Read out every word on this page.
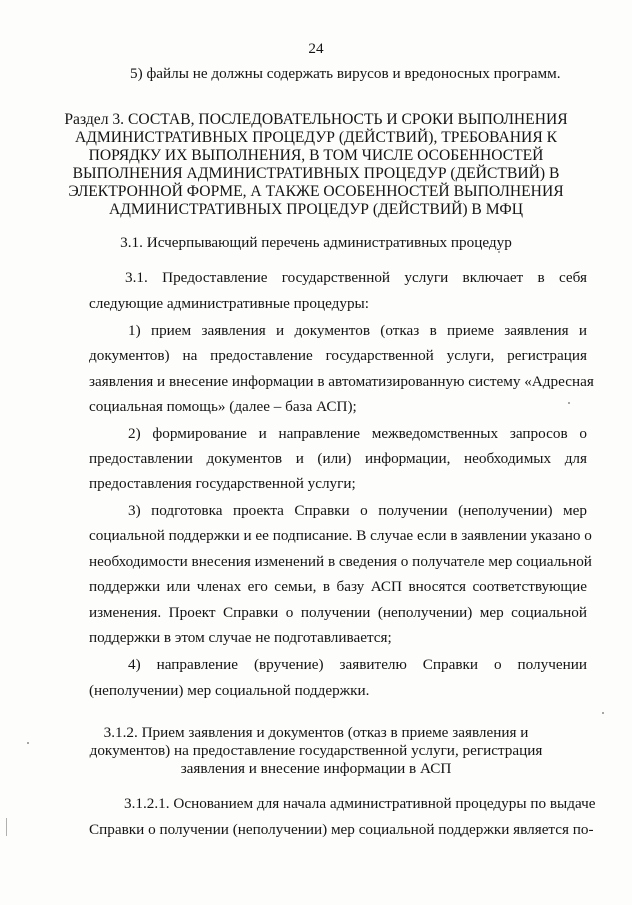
24
5) файлы не должны содержать вирусов и вредоносных программ.
Раздел 3. СОСТАВ, ПОСЛЕДОВАТЕЛЬНОСТЬ И СРОКИ ВЫПОЛНЕНИЯ
АДМИНИСТРАТИВНЫХ ПРОЦЕДУР (ДЕЙСТВИЙ), ТРЕБОВАНИЯ К
ПОРЯДКУ ИХ ВЫПОЛНЕНИЯ, В ТОМ ЧИСЛЕ ОСОБЕННОСТЕЙ
ВЫПОЛНЕНИЯ АДМИНИСТРАТИВНЫХ ПРОЦЕДУР (ДЕЙСТВИЙ) В
ЭЛЕКТРОННОЙ ФОРМЕ, А ТАКЖЕ ОСОБЕННОСТЕЙ ВЫПОЛНЕНИЯ
АДМИНИСТРАТИВНЫХ ПРОЦЕДУР (ДЕЙСТВИЙ) В МФЦ
3.1. Исчерпывающий перечень административных процедур
3.1. Предоставление государственной услуги включает в себя
следующие административные процедуры:
1) прием заявления и документов (отказ в приеме заявления и
документов) на предоставление государственной услуги, регистрация
заявления и внесение информации в автоматизированную систему «Адресная
социальная помощь» (далее – база АСП);
2) формирование и направление межведомственных запросов о
предоставлении документов и (или) информации, необходимых для
предоставления государственной услуги;
3) подготовка проекта Справки о получении (неполучении) мер
социальной поддержки и ее подписание. В случае если в заявлении указано о
необходимости внесения изменений в сведения о получателе мер социальной
поддержки или членах его семьи, в базу АСП вносятся соответствующие
изменения. Проект Справки о получении (неполучении) мер социальной
поддержки в этом случае не подготавливается;
4) направление (вручение) заявителю Справки о получении
(неполучении) мер социальной поддержки.
3.1.2. Прием заявления и документов (отказ в приеме заявления и
документов) на предоставление государственной услуги, регистрация
заявления и внесение информации в АСП
3.1.2.1. Основанием для начала административной процедуры по выдаче
Справки о получении (неполучении) мер социальной поддержки является по-
